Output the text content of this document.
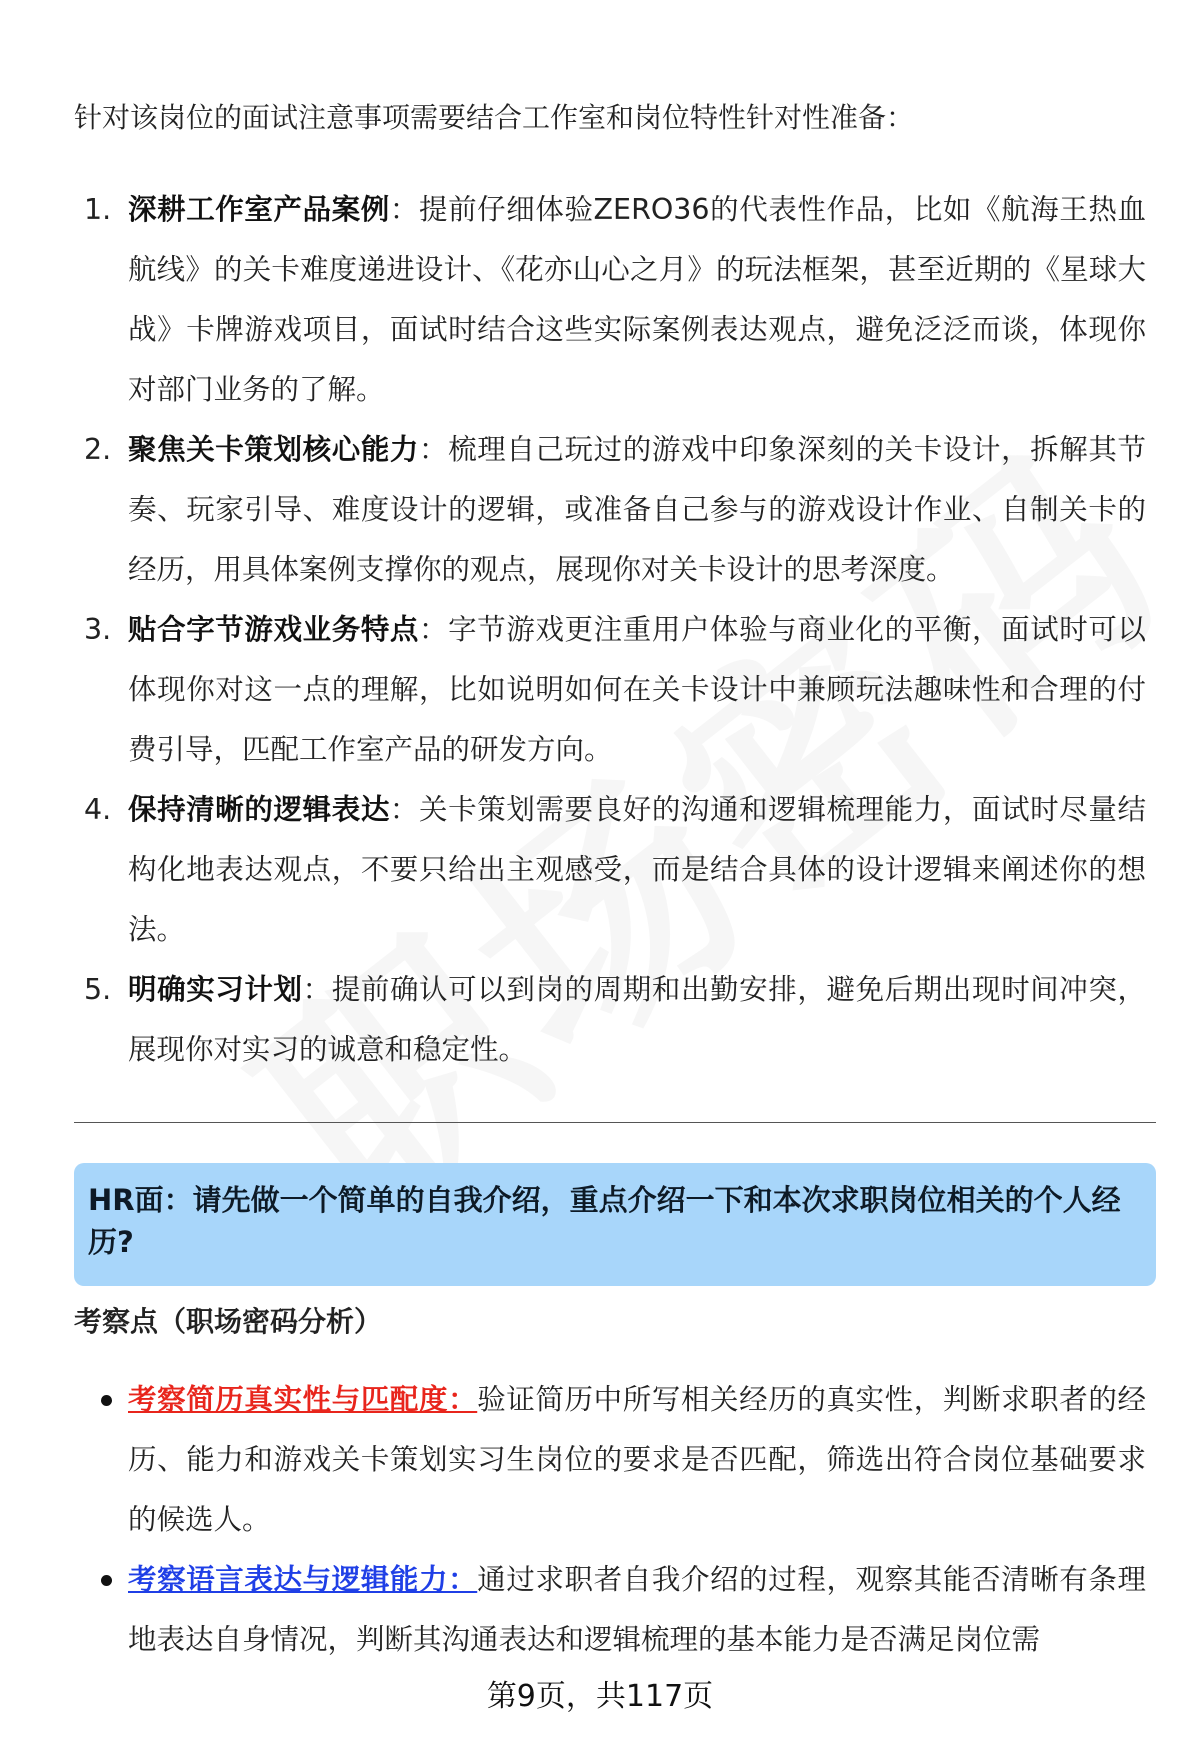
针对该岗位的面试注意事项需要结合工作室和岗位特性针对性准备：
1. 深耕工作室产品案例：提前仔细体验ZERO36的代表性作品，比如《航海王热血航线》的关卡难度递进设计、《花亦山心之月》的玩法框架，甚至近期的《星球大战》卡牌游戏项目，面试时结合这些实际案例表达观点，避免泛泛而谈，体现你对部门业务的了解。
2. 聚焦关卡策划核心能力：梳理自己玩过的游戏中印象深刻的关卡设计，拆解其节奏、玩家引导、难度设计的逻辑，或准备自己参与的游戏设计作业、自制关卡的经历，用具体案例支撑你的观点，展现你对关卡设计的思考深度。
3. 贴合字节游戏业务特点：字节游戏更注重用户体验与商业化的平衡，面试时可以体现你对这一点的理解，比如说明如何在关卡设计中兼顾玩法趣味性和合理的付费引导，匹配工作室产品的研发方向。
4. 保持清晰的逻辑表达：关卡策划需要良好的沟通和逻辑梳理能力，面试时尽量结构化地表达观点，不要只给出主观感受，而是结合具体的设计逻辑来阐述你的想法。
5. 明确实习计划：提前确认可以到岗的周期和出勤安排，避免后期出现时间冲突，展现你对实习的诚意和稳定性。
HR面：请先做一个简单的自我介绍，重点介绍一下和本次求职岗位相关的个人经历?
考察点（职场密码分析）
考察简历真实性与匹配度：验证简历中所写相关经历的真实性，判断求职者的经历、能力和游戏关卡策划实习生岗位的要求是否匹配，筛选出符合岗位基础要求的候选人。
考察语言表达与逻辑能力：通过求职者自我介绍的过程，观察其能否清晰有条理地表达自身情况，判断其沟通表达和逻辑梳理的基本能力是否满足岗位需
第9页，共117页
